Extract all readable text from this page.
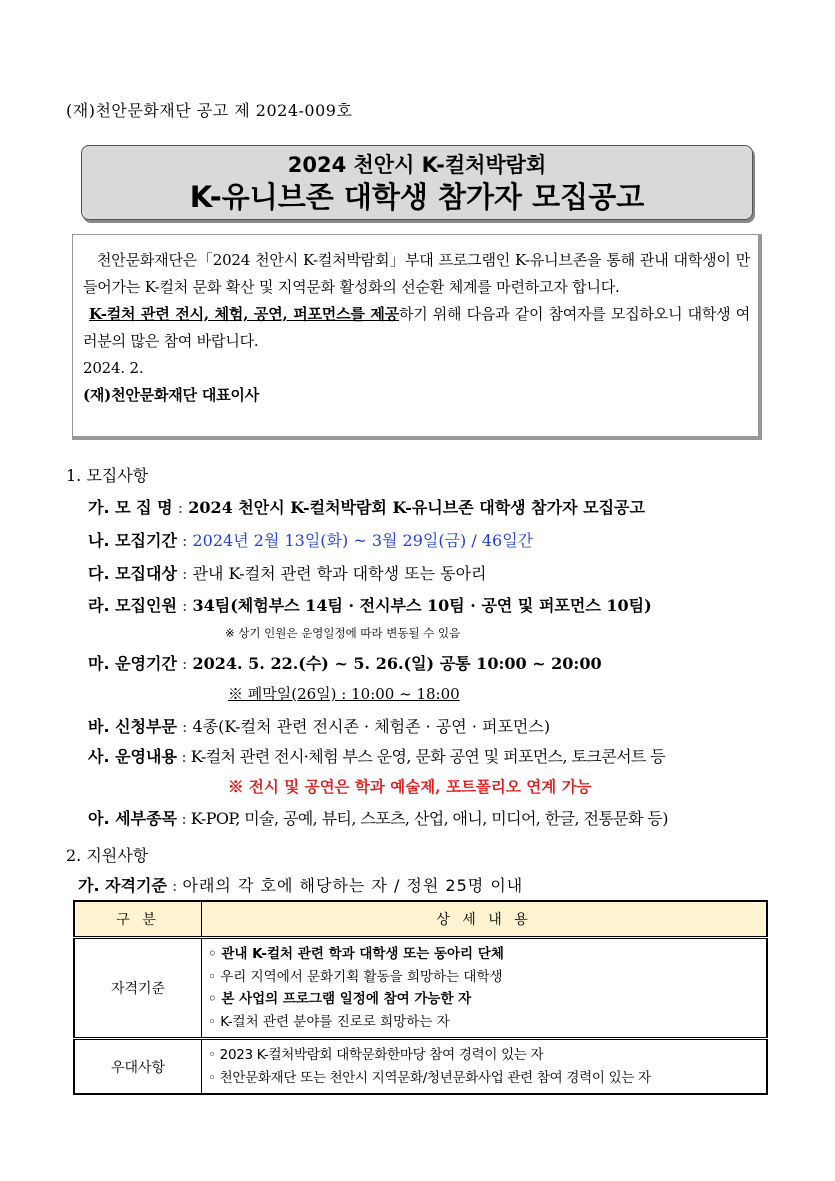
(재)천안문화재단 공고 제 2024-009호
2024 천안시 K-컬처박람회
K-유니브존 대학생 참가자 모집공고

천안문화재단은「2024 천안시 K-컬처박람회」부대 프로그램인 K-유니브존을 통해 관내 대학생이 만들어가는 K-컬처 문화 확산 및 지역문화 활성화의 선순환 체계를 마련하고자 합니다.

K-컬처 관련 전시, 체험, 공연, 퍼포먼스를 제공하기 위해 다음과 같이 참여자를 모집하오니 대학생 여러분의 많은 참여 바랍니다.

2024. 2.

(재)천안문화재단 대표이사

1. 모집사항
가. 모 집 명 : 2024 천안시 K-컬처박람회 K-유니브존 대학생 참가자 모집공고
나. 모집기간 : 2024년 2월 13일(화) ~ 3월 29일(금) / 46일간
다. 모집대상 : 관내 K-컬처 관련 학과 대학생 또는 동아리
라. 모집인원 : 34팀(체험부스 14팀 · 전시부스 10팀 · 공연 및 퍼포먼스 10팀)
※ 상기 인원은 운영일정에 따라 변동될 수 있음
마. 운영기간 : 2024. 5. 22.(수) ~ 5. 26.(일) 공통 10:00 ~ 20:00
※ 폐막일(26일) : 10:00 ~ 18:00
바. 신청부문 : 4종(K-컬처 관련 전시존 · 체험존 · 공연 · 퍼포먼스)
사. 운영내용 : K-컬처 관련 전시·체험 부스 운영, 문화 공연 및 퍼포먼스, 토크콘서트 등
※ 전시 및 공연은 학과 예술제, 포트폴리오 연계 가능
아. 세부종목 : K-POP, 미술, 공예, 뷰티, 스포츠, 산업, 애니, 미디어, 한글, 전통문화 등)
2. 지원사항
가. 자격기준 : 아래의 각 호에 해당하는 자 / 정원 25명 이내
구 분	상 세 내 용
자격기준	◦ 관내 K-컬처 관련 학과 대학생 또는 동아리 단체
◦ 우리 지역에서 문화기획 활동을 희망하는 대학생
◦ 본 사업의 프로그램 일정에 참여 가능한 자
◦ K-컬처 관련 분야를 진로로 희망하는 자

우대사항	◦ 2023 K-컬처박람회 대학문화한마당 참여 경력이 있는 자
◦ 천안문화재단 또는 천안시 지역문화/청년문화사업 관련 참여 경력이 있는 자
